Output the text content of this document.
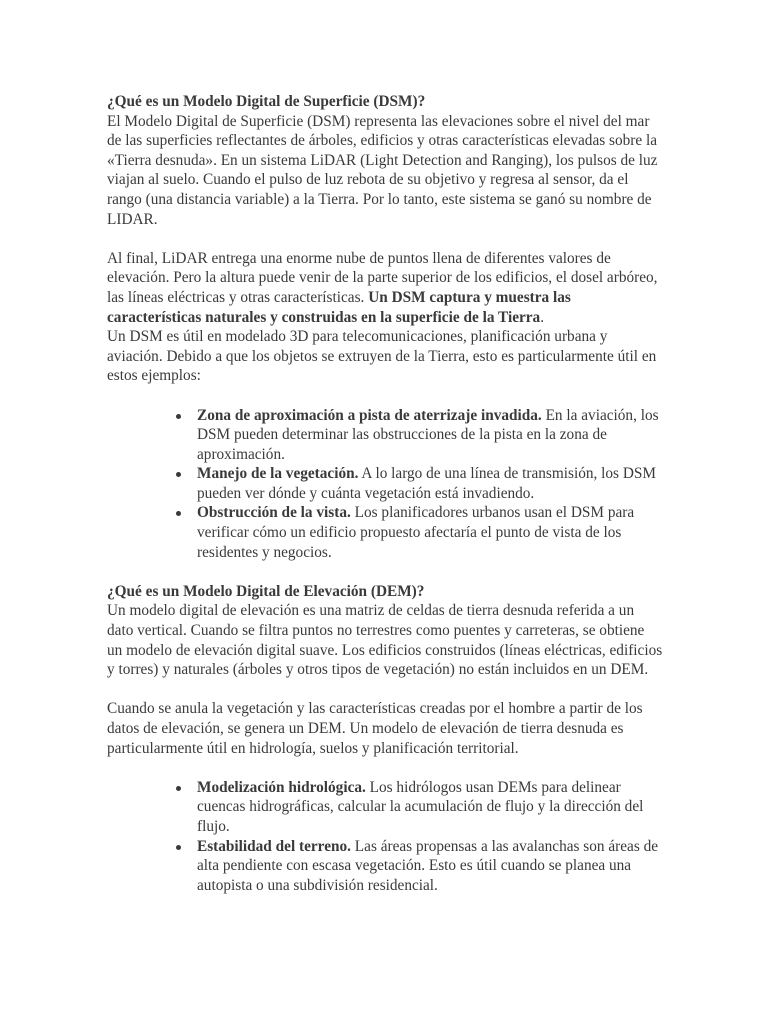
¿Qué es un Modelo Digital de Superficie (DSM)?

El Modelo Digital de Superficie (DSM) representa las elevaciones sobre el nivel del mar de las superficies reflectantes de árboles, edificios y otras características elevadas sobre la «Tierra desnuda». En un sistema LiDAR (Light Detection and Ranging), los pulsos de luz viajan al suelo. Cuando el pulso de luz rebota de su objetivo y regresa al sensor, da el rango (una distancia variable) a la Tierra. Por lo tanto, este sistema se ganó su nombre de LIDAR.

Al final, LiDAR entrega una enorme nube de puntos llena de diferentes valores de elevación. Pero la altura puede venir de la parte superior de los edificios, el dosel arbóreo, las líneas eléctricas y otras características. Un DSM captura y muestra las características naturales y construidas en la superficie de la Tierra.

Un DSM es útil en modelado 3D para telecomunicaciones, planificación urbana y aviación. Debido a que los objetos se extruyen de la Tierra, esto es particularmente útil en estos ejemplos:

Zona de aproximación a pista de aterrizaje invadida. En la aviación, los DSM pueden determinar las obstrucciones de la pista en la zona de aproximación.
Manejo de la vegetación. A lo largo de una línea de transmisión, los DSM pueden ver dónde y cuánta vegetación está invadiendo.
Obstrucción de la vista. Los planificadores urbanos usan el DSM para verificar cómo un edificio propuesto afectaría el punto de vista de los residentes y negocios.

¿Qué es un Modelo Digital de Elevación (DEM)?

Un modelo digital de elevación es una matriz de celdas de tierra desnuda referida a un dato vertical. Cuando se filtra puntos no terrestres como puentes y carreteras, se obtiene un modelo de elevación digital suave. Los edificios construidos (líneas eléctricas, edificios y torres) y naturales (árboles y otros tipos de vegetación) no están incluidos en un DEM.

Cuando se anula la vegetación y las características creadas por el hombre a partir de los datos de elevación, se genera un DEM. Un modelo de elevación de tierra desnuda es particularmente útil en hidrología, suelos y planificación territorial.

Modelización hidrológica. Los hidrólogos usan DEMs para delinear cuencas hidrográficas, calcular la acumulación de flujo y la dirección del flujo.
Estabilidad del terreno. Las áreas propensas a las avalanchas son áreas de alta pendiente con escasa vegetación. Esto es útil cuando se planea una autopista o una subdivisión residencial.
